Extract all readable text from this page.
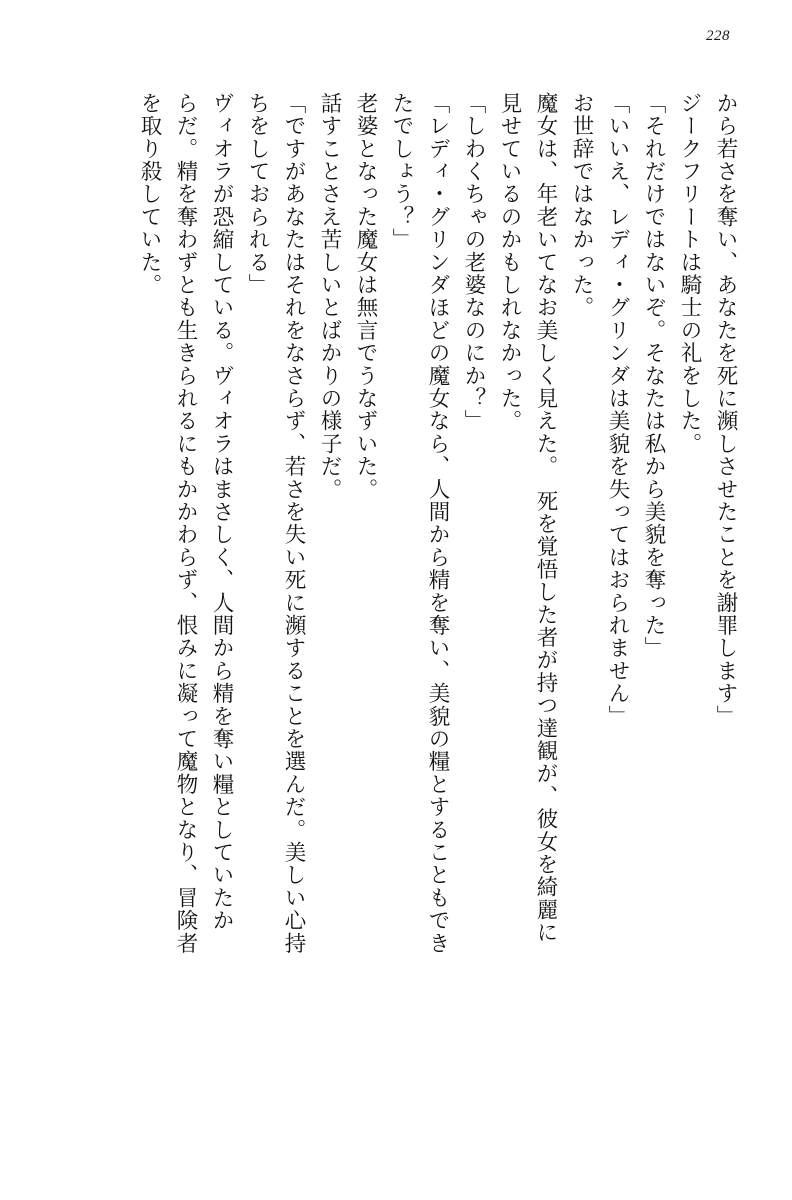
228
から若さを奪い、あなたを死に瀕しさせたことを謝罪します」
ジークフリートは騎士の礼をした。
「それだけではないぞ。そなたは私から美貌を奪った」
「いいえ、レディ・グリンダは美貌を失ってはおられません」
お世辞ではなかった。
魔女は、年老いてなお美しく見えた。　死を覚悟した者が持つ達観が、彼女を綺麗に
見せているのかもしれなかった。
「しわくちゃの老婆なのにか？」
「レディ・グリンダほどの魔女なら、人間から精を奪い、美貌の糧とすることもでき
たでしょう？」
老婆となった魔女は無言でうなずいた。
話すことさえ苦しいとばかりの様子だ。
「ですがあなたはそれをなさらず、若さを失い死に瀕することを選んだ。美しい心持
ちをしておられる」
ヴィオラが恐縮している。ヴィオラはまさしく、人間から精を奪い糧としていたか
らだ。精を奪わずとも生きられるにもかかわらず、恨みに凝って魔物となり、冒険者
を取り殺していた。
